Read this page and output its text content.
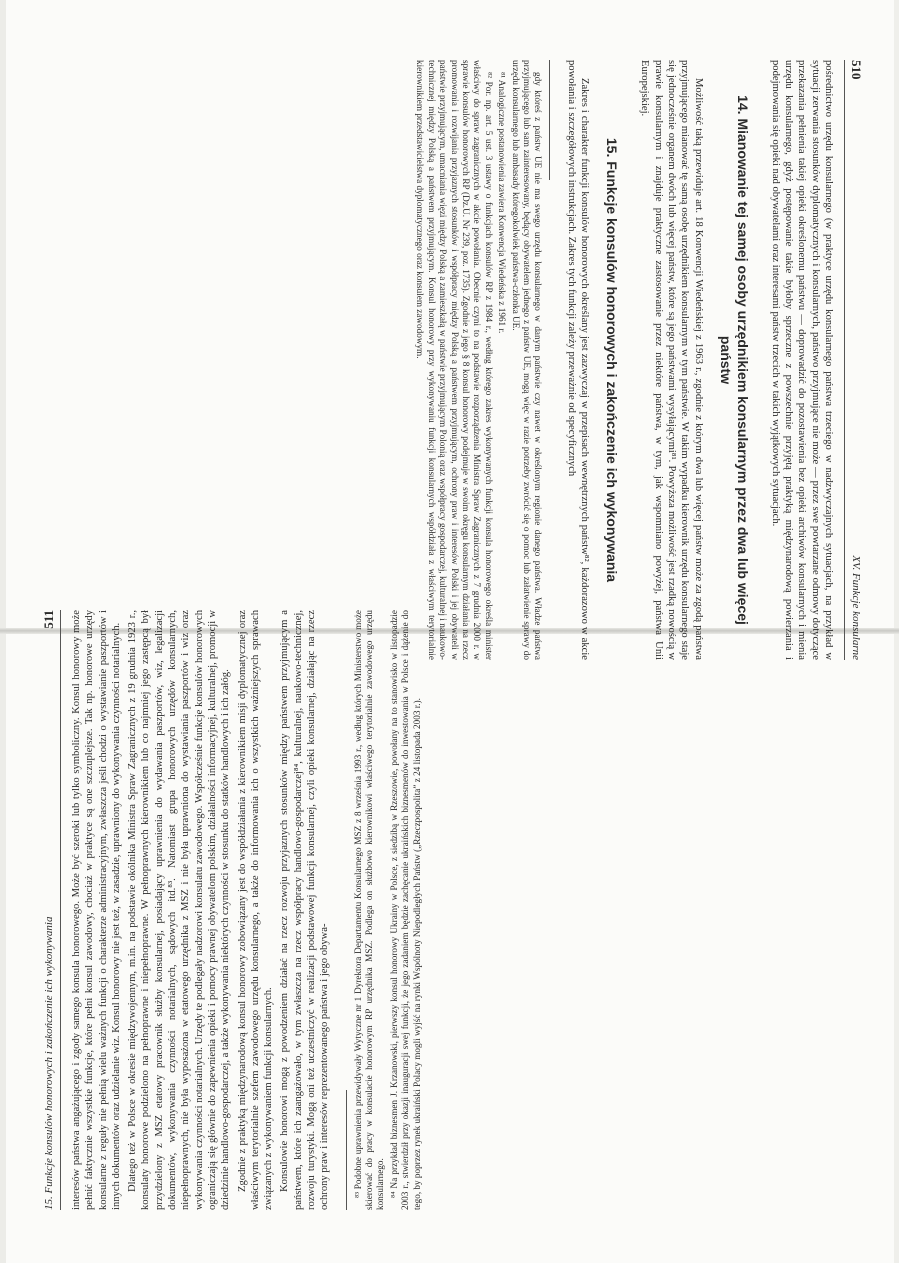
510
XV. Funkcje konsularne

pośrednictwo urzędu konsularnego (w praktyce urzędu konsularnego państwa trzeciego w nadzwyczajnych sytuacjach, na przykład w sytuacji zerwania stosunków dyplomatycznych i konsularnych, państwo przyjmujące nie może — przez swe powtarzane odmowy dotyczące przekazania pełnienia takiej opieki określonemu państwu — doprowadzić do pozostawienia bez opieki archiwów konsularnych i mienia urzędu konsularnego, gdyż postępowanie takie byłoby sprzeczne z powszechnie przyjętą praktyką międzynarodową powierzania i podejmowania się opieki nad obywatelami oraz interesami państw trzecich w takich wyjątkowych sytuacjach.

14. Mianowanie tej samej osoby urzędnikiem konsularnym przez dwa lub więcej państw

Możliwość taką przewiduje art. 18 Konwencji Wiedeńskiej z 1963 r., zgodnie z którym dwa lub więcej państw może za zgodą państwa przyjmującego mianować tę samą osobę urzędnikiem konsularnym w tym państwie. W takim wypadku kierownik urzędu konsularnego staje się jednocześnie organem dwóch lub więcej państw, które są jego państwami wysyłającymi⁸¹. Powyższa możliwość jest rzadką nowością w prawie konsularnym i znajduje praktyczne zastosowanie przez niektóre państwa, w tym, jak wspomniano powyżej, państwa Unii Europejskiej.

15. Funkcje konsulów honorowych i zakończenie ich wykonywania

Zakres i charakter funkcji konsulów honorowych określany jest zazwyczaj w przepisach wewnętrznych państw⁸², każdorazowo w akcie powołania i szczegółowych instrukcjach. Zakres tych funkcji zależy przeważnie od specyficznych

gdy któreś z państw UE nie ma swego urzędu konsularnego w danym państwie czy nawet w określonym regionie danego państwa. Władze państwa przyjmującego lub sam zainteresowany, będący obywatelem jednego z państw UE, mogą więc w razie potrzeby zwrócić się o pomoc lub załatwienie sprawy do urzędu konsularnego lub ambasady któregokolwiek państwa-członka UE.

⁸¹ Analogiczne postanowienia zawiera Konwencja Wiedeńska z 1961 r.

⁸² Por. np. art. 5 ust. 3 ustawy o funkcjach konsulów RP z 1984 r., według którego zakres wykonywanych funkcji konsula honorowego określa minister właściwy do spraw zagranicznych w akcie powołania. Obecnie czyni to na podstawie rozporządzenia Ministra Spraw Zagranicznych z 7 grudnia 2000 r. w sprawie konsulów honorowych RP (Dz.U. Nr 239, poz. 1735). Zgodnie z jego § 8 konsul honorowy podejmuje w swoim okręgu konsularnym działania na rzecz promowania i rozwijania przyjaznych stosunków i współpracy między Polską a państwem przyjmującym, ochrony praw i interesów Polski i jej obywateli w państwie przyjmującym, umacniania więzi między Polską a zamieszkałą w państwie przyjmującym Polonią oraz współpracy gospodarczej, kulturalnej i naukowo-technicznej między Polską a państwem przyjmującym. Konsul honorowy przy wykonywaniu funkcji konsularnych współdziała z właściwym terytorialnie kierownikiem przedstawicielstwa dyplomatycznego oraz konsulem zawodowym.

15. Funkcje konsulów honorowych i zakończenie ich wykonywania
511 interesów państwa angażującego i zgody samego konsula honorowego. Może być szeroki lub tylko symboliczny. Konsul honorowy może pełnić faktycznie wszystkie funkcje, które pełni konsul zawodowy, chociaż w praktyce są one szczuplejsze. Tak np. honorowe urzędy konsularne z reguły nie pełnią wielu ważnych funkcji o charakterze administracyjnym, zwłaszcza jeśli chodzi o wystawianie paszportów i innych dokumentów oraz udzielanie wiz. Konsul honorowy nie jest też, w zasadzie, uprawniony do wykonywania czynności notarialnych. Dlatego też w Polsce w okresie międzywojennym, m.in. na podstawie okólnika Ministra Spraw Zagranicznych z 19 grudnia 1923 r., konsulaty honorowe podzielono na pełnoprawne i niepełnoprawne. W pełnoprawnych kierownikiem lub co najmniej jego zastępcą był przydzielony z MSZ etatowy pracownik służby konsularnej, posiadający uprawnienia do wydawania paszportów, wiz, legalizacji dokumentów, wykonywania czynności notarialnych, sądowych itd.⁸³. Natomiast grupa honorowych urzędów konsularnych, niepełnoprawnych, nie była wyposażona w etatowego urzędnika z MSZ i nie była uprawniona do wystawiania paszportów i wiz oraz wykonywania czynności notarialnych. Urzędy te podlegały nadzorowi konsulatu zawodowego. Współcześnie funkcje konsulów honorowych ograniczają się głównie do zapewnienia opieki i pomocy prawnej obywatelom polskim, działalności informacyjnej, kulturalnej, promocji w dziedzinie handlowo-gospodarczej, a także wykonywania niektórych czynności w stosunku do statków handlowych i ich załóg. Zgodnie z praktyką międzynarodową konsul honorowy zobowiązany jest do współdziałania z kierownikiem misji dyplomatycznej oraz właściwym terytorialnie szefem zawodowego urzędu konsularnego, a także do informowania ich o wszystkich ważniejszych sprawach związanych z wykonywaniem funkcji konsularnych. Konsulowie honorowi mogą z powodzeniem działać na rzecz rozwoju przyjaznych stosunków między państwem przyjmującym a państwem, które ich zaangażowało, w tym zwłaszcza na rzecz współpracy handlowo-gospodarczej⁸⁴, kulturalnej, naukowo-technicznej, rozwoju turystyki. Mogą oni też uczestniczyć w realizacji podstawowej funkcji konsularnej, czyli opieki konsularnej, działając na rzecz ochrony praw i interesów reprezentowanego państwa i jego obywa- ⁸³ Podobne uprawnienia przewidywały Wytyczne nr 1 Dyrektora Departamentu Konsularnego MSZ z 8 września 1993 r., według których Ministerstwo może skierować do pracy w konsulacie honorowym RP urzędnika MSZ. Podlega on służbowo kierownikowi właściwego terytorialnie zawodowego urzędu konsularnego. ⁸⁴ Na przykład biznesmen J. Krzanowski, pierwszy konsul honorowy Ukrainy w Polsce, z siedzibą w Rzeszowie, powołany na to stanowisko w listopadzie 2003 r., stwierdził przy okazji inauguracji swej funkcji, że jego zadaniem będzie zachęcanie ukraińskich biznesmenów do inwestowania w Polsce i dążenie do tego, by poprzez rynek ukraiński Polacy mogli wyjść na rynki Wspólnoty Niepodległych Państw („Rzeczpospolita” z 24 listopada 2003 r.).
